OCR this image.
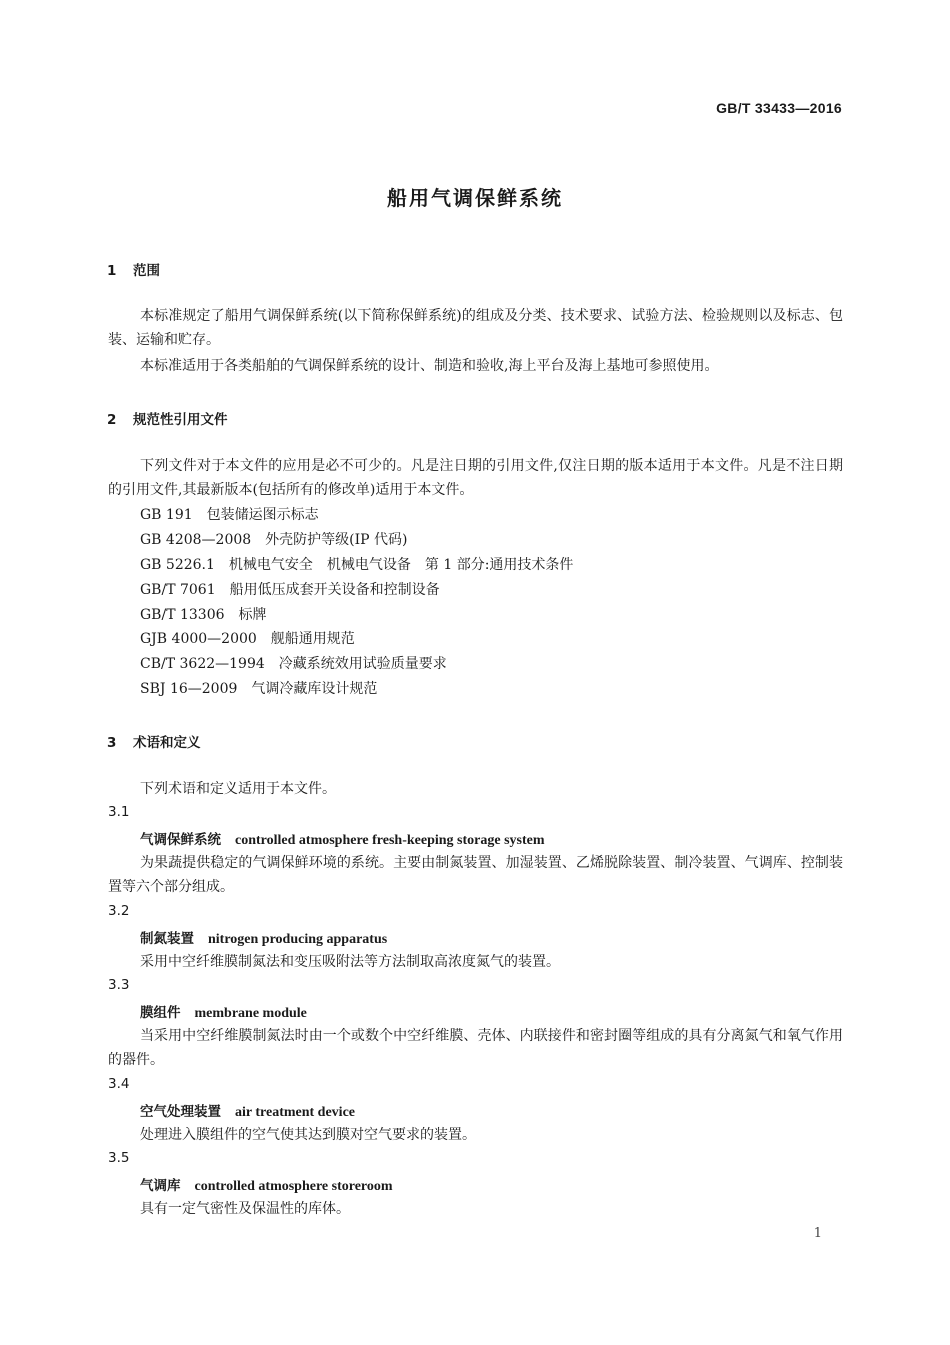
GB/T 33433—2016
船用气调保鲜系统
1 范围
本标准规定了船用气调保鲜系统(以下简称保鲜系统)的组成及分类、技术要求、试验方法、检验规则以及标志、包装、运输和贮存。
本标准适用于各类船舶的气调保鲜系统的设计、制造和验收,海上平台及海上基地可参照使用。
2 规范性引用文件
下列文件对于本文件的应用是必不可少的。凡是注日期的引用文件,仅注日期的版本适用于本文件。凡是不注日期的引用文件,其最新版本(包括所有的修改单)适用于本文件。
GB 191　包装储运图示标志
GB 4208—2008　外壳防护等级(IP 代码)
GB 5226.1　机械电气安全　机械电气设备　第 1 部分:通用技术条件
GB/T 7061　船用低压成套开关设备和控制设备
GB/T 13306　标牌
GJB 4000—2000　舰船通用规范
CB/T 3622—1994　冷藏系统效用试验质量要求
SBJ 16—2009　气调冷藏库设计规范
3 术语和定义
下列术语和定义适用于本文件。
3.1
气调保鲜系统 controlled atmosphere fresh-keeping storage system
为果蔬提供稳定的气调保鲜环境的系统。主要由制氮装置、加湿装置、乙烯脱除装置、制冷装置、气调库、控制装置等六个部分组成。
3.2
制氮装置 nitrogen producing apparatus
采用中空纤维膜制氮法和变压吸附法等方法制取高浓度氮气的装置。
3.3
膜组件 membrane module
当采用中空纤维膜制氮法时由一个或数个中空纤维膜、壳体、内联接件和密封圈等组成的具有分离氮气和氧气作用的器件。
3.4
空气处理装置 air treatment device
处理进入膜组件的空气使其达到膜对空气要求的装置。
3.5
气调库 controlled atmosphere storeroom
具有一定气密性及保温性的库体。
1
